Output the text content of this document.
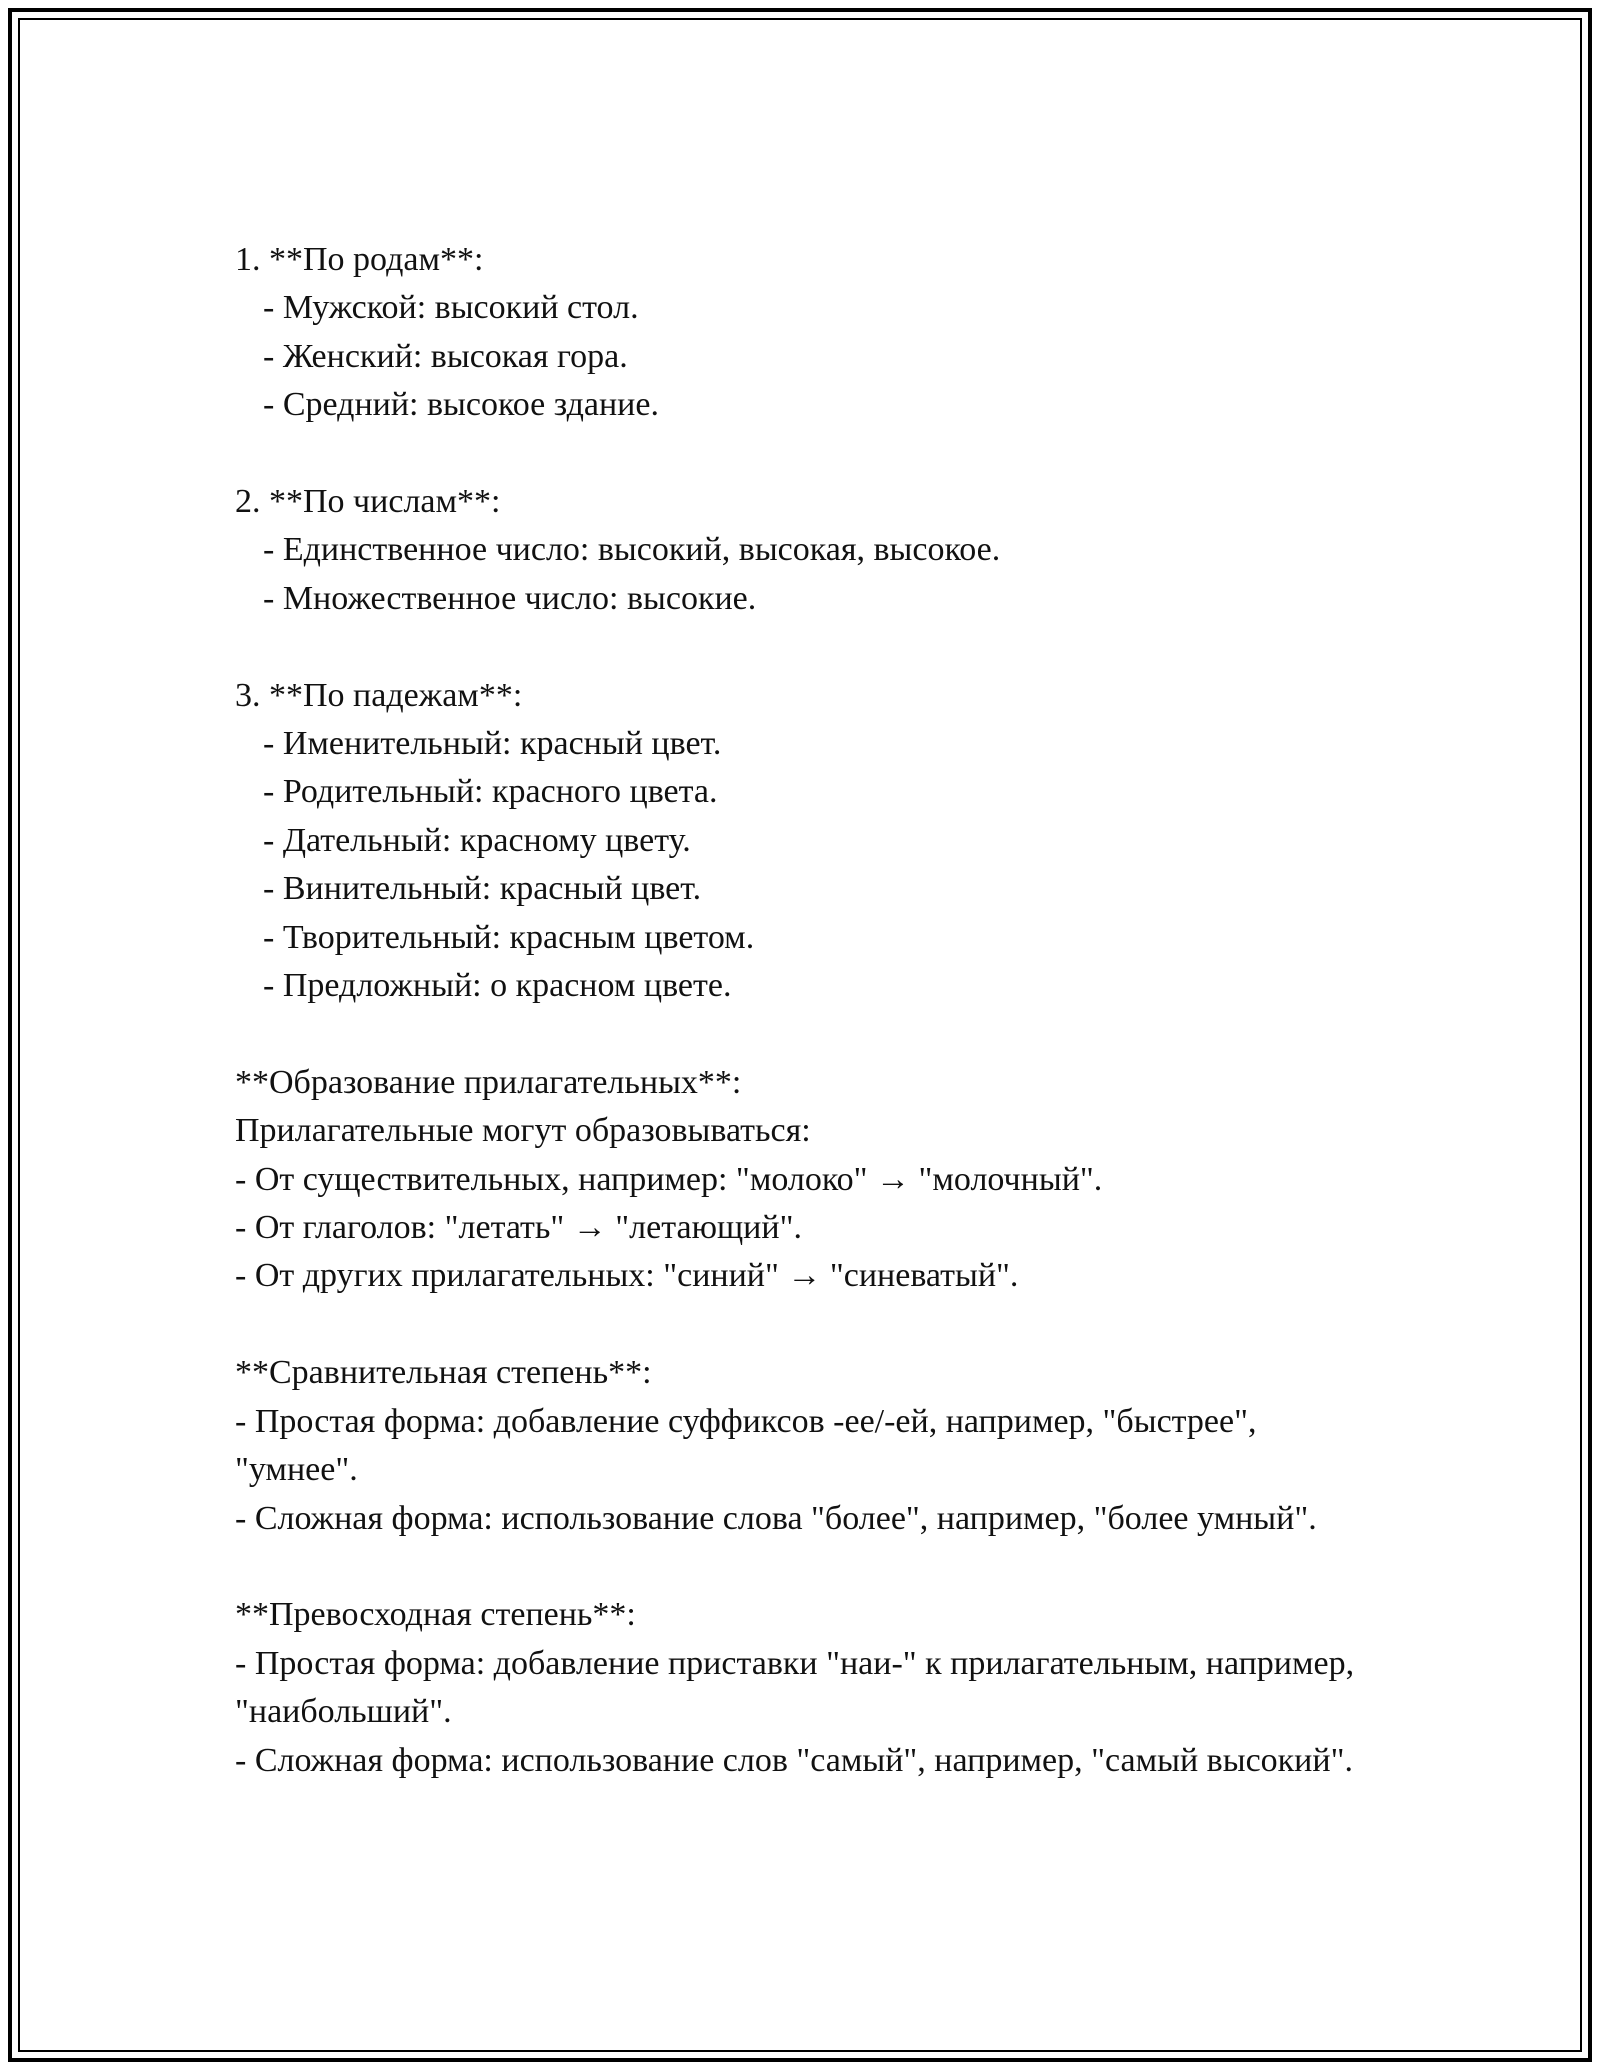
1. **По родам**:

- Мужской: высокий стол.

- Женский: высокая гора.

- Средний: высокое здание.

2. **По числам**:

- Единственное число: высокий, высокая, высокое.

- Множественное число: высокие.

3. **По падежам**:

- Именительный: красный цвет.

- Родительный: красного цвета.

- Дательный: красному цвету.

- Винительный: красный цвет.

- Творительный: красным цветом.

- Предложный: о красном цвете.

**Образование прилагательных**:

Прилагательные могут образовываться:

- От существительных, например: "молоко" → "молочный".

- От глаголов: "летать" → "летающий".

- От других прилагательных: "синий" → "синеватый".

**Сравнительная степень**:

- Простая форма: добавление суффиксов -ее/-ей, например, "быстрее", "умнее".

- Сложная форма: использование слова "более", например, "более умный".

**Превосходная степень**:

- Простая форма: добавление приставки "наи-" к прилагательным, например, "наибольший".

- Сложная форма: использование слов "самый", например, "самый высокий".
